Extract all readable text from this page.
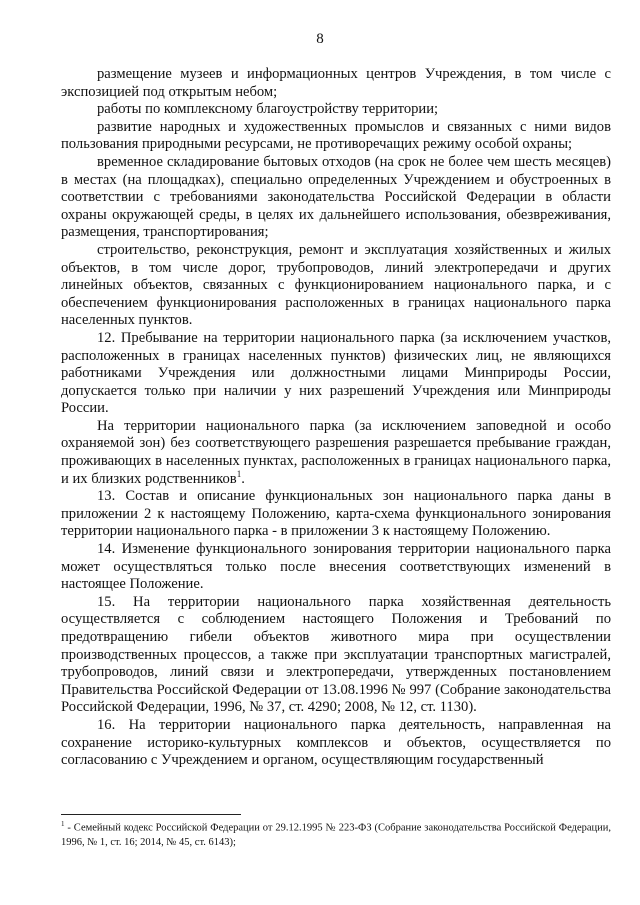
8

размещение музеев и информационных центров Учреждения, в том числе с экспозицией под открытым небом;

работы по комплексному благоустройству территории;

развитие народных и художественных промыслов и связанных с ними видов пользования природными ресурсами, не противоречащих режиму особой охраны;

временное складирование бытовых отходов (на срок не более чем шесть месяцев) в местах (на площадках), специально определенных Учреждением и обустроенных в соответствии с требованиями законодательства Российской Федерации в области охраны окружающей среды, в целях их дальнейшего использования, обезвреживания, размещения, транспортирования;

строительство, реконструкция, ремонт и эксплуатация хозяйственных и жилых объектов, в том числе дорог, трубопроводов, линий электропередачи и других линейных объектов, связанных с функционированием национального парка, и с обеспечением функционирования расположенных в границах национального парка населенных пунктов.

12. Пребывание на территории национального парка (за исключением участков, расположенных в границах населенных пунктов) физических лиц, не являющихся работниками Учреждения или должностными лицами Минприроды России, допускается только при наличии у них разрешений Учреждения или Минприроды России.

На территории национального парка (за исключением заповедной и особо охраняемой зон) без соответствующего разрешения разрешается пребывание граждан, проживающих в населенных пунктах, расположенных в границах национального парка, и их близких родственников$^1$.

13. Состав и описание функциональных зон национального парка даны в приложении 2 к настоящему Положению, карта-схема функционального зонирования территории национального парка - в приложении 3 к настоящему Положению.

14. Изменение функционального зонирования территории национального парка может осуществляться только после внесения соответствующих изменений в настоящее Положение.

15. На территории национального парка хозяйственная деятельность осуществляется с соблюдением настоящего Положения и Требований по предотвращению гибели объектов животного мира при осуществлении производственных процессов, а также при эксплуатации транспортных магистралей, трубопроводов, линий связи и электропередачи, утвержденных постановлением Правительства Российской Федерации от 13.08.1996 № 997 (Собрание законодательства Российской Федерации, 1996, № 37, ст. 4290; 2008, № 12, ст. 1130).

16. На территории национального парка деятельность, направленная на сохранение историко-культурных комплексов и объектов, осуществляется по согласованию с Учреждением и органом, осуществляющим государственный

$^1$ - Семейный кодекс Российской Федерации от 29.12.1995 № 223-ФЗ (Собрание законодательства Российской Федерации, 1996, № 1, ст. 16; 2014, № 45, ст. 6143);
